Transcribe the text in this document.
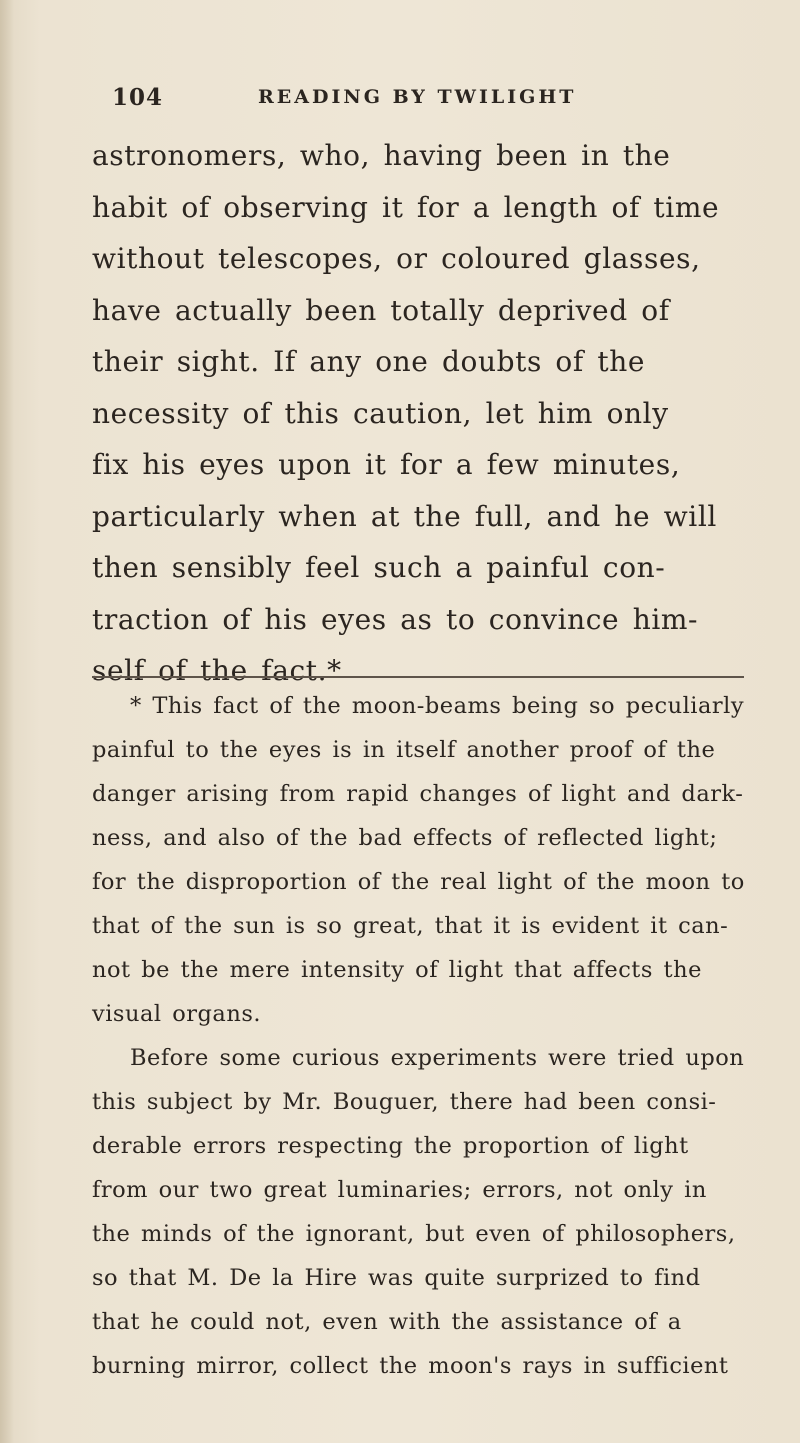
104	READING BY TWILIGHT
astronomers, who, having been in the
habit of observing it for a length of time
without telescopes, or coloured glasses,
have actually been totally deprived of
their sight. If any one doubts of the
necessity of this caution, let him only
fix his eyes upon it for a few minutes,
particularly when at the full, and he will
then sensibly feel such a painful con-
traction of his eyes as to convince him-
self of the fact.*
* This fact of the moon-beams being so peculiarly
painful to the eyes is in itself another proof of the
danger arising from rapid changes of light and dark-
ness, and also of the bad effects of reflected light;
for the disproportion of the real light of the moon to
that of the sun is so great, that it is evident it can-
not be the mere intensity of light that affects the
visual organs.
Before some curious experiments were tried upon
this subject by Mr. Bouguer, there had been consi-
derable errors respecting the proportion of light
from our two great luminaries; errors, not only in
the minds of the ignorant, but even of philosophers,
so that M. De la Hire was quite surprized to find
that he could not, even with the assistance of a
burning mirror, collect the moon's rays in sufficient
